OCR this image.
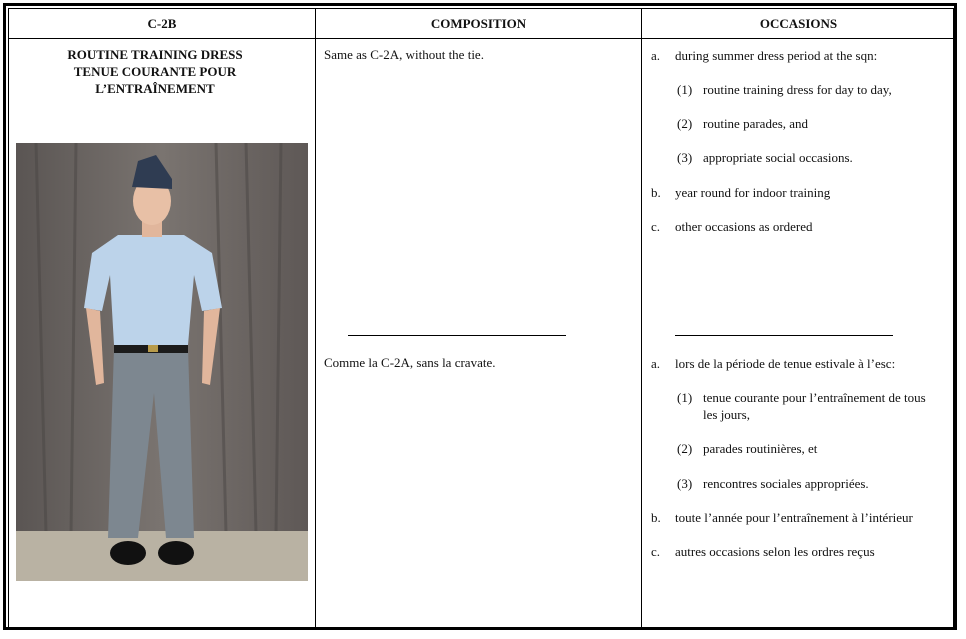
C-2B	COMPOSITION	OCCASIONS
ROUTINE TRAINING DRESS
TENUE COURANTE POUR
L’ENTRAÎNEMENT
Same as C-2A, without the tie.
Comme la C-2A, sans la cravate.
a. during summer dress period at the sqn:
(1) routine training dress for day to day,
(2) routine parades, and
(3) appropriate social occasions.
b. year round for indoor training
c. other occasions as ordered
a. lors de la période de tenue estivale à l’esc:
(1) tenue courante pour l’entraînement de tous
les jours,
(2) parades routinières, et
(3) rencontres sociales appropriées.
b. toute l’année pour l’entraînement à l’intérieur
c. autres occasions selon les ordres reçus
